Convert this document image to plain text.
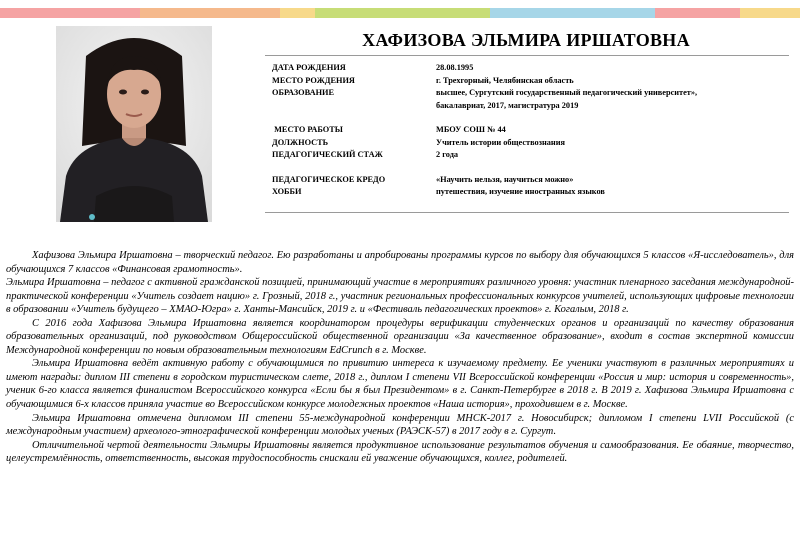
ХАФИЗОВА ЭЛЬМИРА ИРШАТОВНА
ДАТА РОЖДЕНИЯ	28.08.1995
МЕСТО РОЖДЕНИЯ	г. Трехгорный, Челябинская область
ОБРАЗОВАНИЕ	высшее, Сургутский государственный педагогический университет»,
бакалавриат, 2017, магистратура 2019
МЕСТО РАБОТЫ	МБОУ СОШ № 44
ДОЛЖНОСТЬ	Учитель истории обществознания
ПЕДАГОГИЧЕСКИЙ СТАЖ	2 года
ПЕДАГОГИЧЕСКОЕ КРЕДО	«Научить нельзя, научиться можно»
ХОББИ	путешествия, изучение иностранных языков

Хафизова Эльмира Иршатовна – творческий педагог. Ею разработаны и апробированы программы курсов по выбору для обучающихся 5 классов «Я-исследователь», для обучающихся 7 классов «Финансовая грамотность».

Эльмира Иршатовна – педагог с активной гражданской позицией, принимающий участие в мероприятиях различного уровня: участник пленарного заседания международной-практической конференции «Учитель создает нацию» г. Грозный, 2018 г., участник региональных профессиональных конкурсов учителей, использующих цифровые технологии в образовании «Учитель будущего – ХМАО-Югра» г. Ханты-Мансийск, 2019 г. и «Фестиваль педагогических проектов» г. Когалым, 2018 г.

С 2016 года Хафизова Эльмира Иршатовна является координатором процедуры верификации студенческих органов и организаций по качеству образования образовательных организаций, под руководством Общероссийской общественной организации «За качественное образование», входит в состав экспертной комиссии Международной конференции по новым образовательным технологиям EdCrunch в г. Москве.

Эльмира Иршатовна ведёт активную работу с обучающимися по привитию интереса к изучаемому предмету. Ее ученики участвуют в различных мероприятиях и имеют награды: диплом III степени в городском туристическом слете, 2018 г., диплом I степени VII Всероссийской конференции «Россия и мир: история и современность», ученик 6-го класса является финалистом Всероссийского конкурса «Если бы я был Президентом» в г. Санкт-Петербурге в 2018 г. В 2019 г. Хафизова Эльмира Иршатовна с обучающимися 6-х классов приняла участие во Всероссийском конкурсе молодежных проектов «Наша история», проходившем в г. Москве.

Эльмира Иршатовна отмечена дипломом III степени 55-международной конференции МНСК-2017 г. Новосибирск; дипломом I степени LVII Российской (с международным участием) археолого-этнографической конференции молодых ученых (РАЭСК-57) в 2017 году в г. Сургут.

Отличительной чертой деятельности Эльмиры Иршатовны является продуктивное использование результатов обучения и самообразования. Ее обаяние, творчество, целеустремлённость, ответственность, высокая трудоспособность снискали ей уважение обучающихся, коллег, родителей.
